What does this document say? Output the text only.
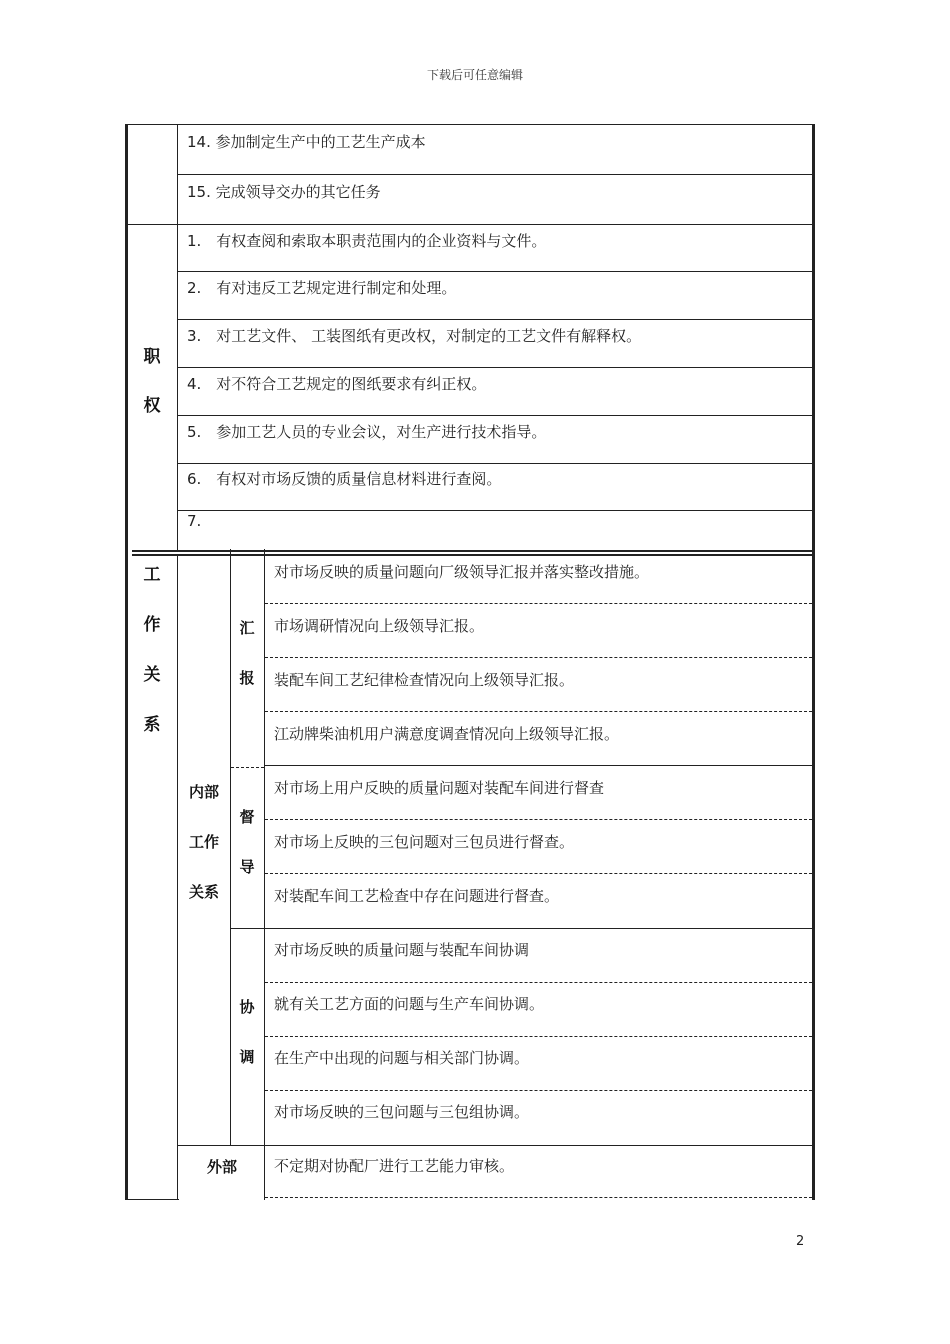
下载后可任意编辑
14. 参加制定生产中的工艺生产成本
15. 完成领导交办的其它任务
职
权
1.　有权查阅和索取本职责范围内的企业资料与文件。
2.　有对违反工艺规定进行制定和处理。
3.　对工艺文件、 工装图纸有更改权，对制定的工艺文件有解释权。
4.　对不符合工艺规定的图纸要求有纠正权。
5.　参加工艺人员的专业会议，对生产进行技术指导。
6.　有权对市场反馈的质量信息材料进行查阅。
7.
工
作
关
系
内部
工作
关系
汇
报
对市场反映的质量问题向厂级领导汇报并落实整改措施。
市场调研情况向上级领导汇报。
装配车间工艺纪律检查情况向上级领导汇报。
江动牌柴油机用户满意度调查情况向上级领导汇报。
督
导
对市场上用户反映的质量问题对装配车间进行督查
对市场上反映的三包问题对三包员进行督查。
对装配车间工艺检查中存在问题进行督查。
协
调
对市场反映的质量问题与装配车间协调
就有关工艺方面的问题与生产车间协调。
在生产中出现的问题与相关部门协调。
对市场反映的三包问题与三包组协调。
外部	不定期对协配厂进行工艺能力审核。
2
